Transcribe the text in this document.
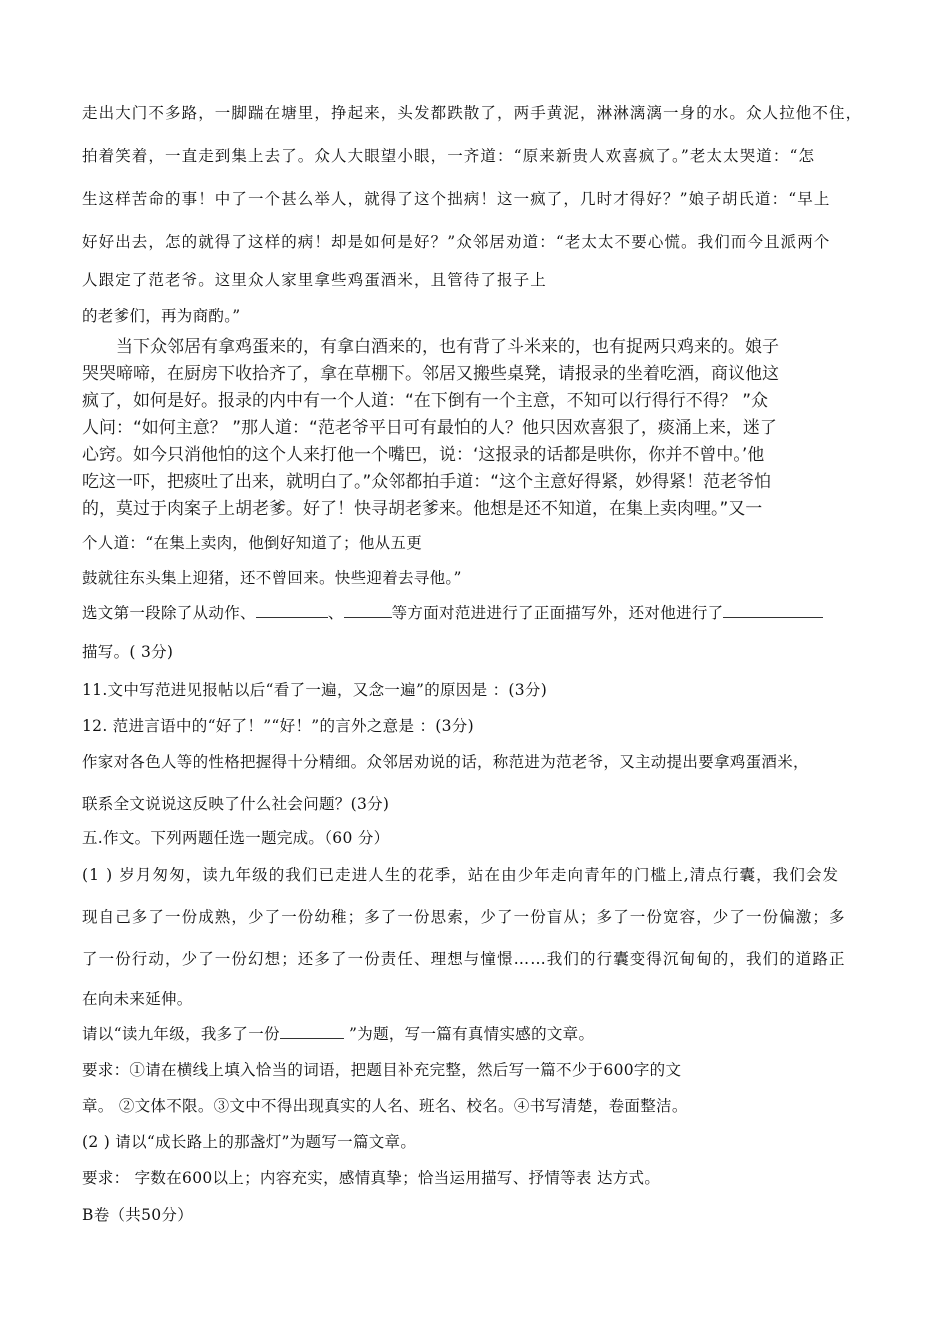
走出大门不多路，一脚踹在塘里，挣起来，头发都跌散了，两手黄泥，淋淋漓漓一身的水。众人拉他不住，
拍着笑着，一直走到集上去了。众人大眼望小眼，一齐道：“原来新贵人欢喜疯了。”老太太哭道：“怎
生这样苦命的事！中了一个甚么举人，就得了这个拙病！这一疯了，几时才得好？”娘子胡氏道：“早上
好好出去，怎的就得了这样的病！却是如何是好？”众邻居劝道：“老太太不要心慌。我们而今且派两个
人跟定了范老爷。这里众人家里拿些鸡蛋酒米，且管待了报子上
的老爹们，再为商酌。”

　　当下众邻居有拿鸡蛋来的，有拿白酒来的，也有背了斗米来的，也有捉两只鸡来的。娘子

哭哭啼啼，在厨房下收拾齐了，拿在草棚下。邻居又搬些桌凳，请报录的坐着吃酒，商议他这

疯了，如何是好。报录的内中有一个人道：“在下倒有一个主意，不知可以行得行不得？ ”众

人问：“如何主意？ ”那人道：“范老爷平日可有最怕的人？他只因欢喜狠了，痰涌上来，迷了

心窍。如今只消他怕的这个人来打他一个嘴巴，说：‘这报录的话都是哄你，你并不曾中。’他

吃这一吓，把痰吐了出来，就明白了。”众邻都拍手道：“这个主意好得紧，妙得紧！范老爷怕

的，莫过于肉案子上胡老爹。好了！快寻胡老爹来。他想是还不知道，在集上卖肉哩。”又一

个人道：“在集上卖肉，他倒好知道了；他从五更
鼓就往东头集上迎猪，还不曾回来。快些迎着去寻他。”
选文第一段除了从动作、	、	等方面对范进进行了正面描写外，还对他进行了
描写。( 3分)
11.文中写范进见报帖以后“看了一遍，又念一遍”的原因是 ：(3分)
12. 范进言语中的“好了！”“好！”的言外之意是 ：(3分)
作家对各色人等的性格把握得十分精细。众邻居劝说的话，称范进为范老爷，又主动提出要拿鸡蛋酒米，
联系全文说说这反映了什么社会问题？(3分)
五.作文。下列两题任选一题完成。（60 分）
(1 ) 岁月匆匆，读九年级的我们已走进人生的花季，站在由少年走向青年的门槛上,清点行囊，我们会发
现自己多了一份成熟，少了一份幼稚；多了一份思索，少了一份盲从；多了一份宽容，少了一份偏激；多
了一份行动，少了一份幻想；还多了一份责任、理想与憧憬……我们的行囊变得沉甸甸的，我们的道路正
在向未来延伸。
请以“读九年级，我多了一份	”为题，写一篇有真情实感的文章。
要求：①请在横线上填入恰当的词语，把题目补充完整，然后写一篇不少于600字的文
章。 ②文体不限。③文中不得出现真实的人名、班名、校名。④书写清楚，卷面整洁。
(2 ) 请以“成长路上的那盏灯”为题写一篇文章。
要求： 字数在600以上；内容充实，感情真挚；恰当运用描写、抒情等表 达方式。
B卷（共50分）
